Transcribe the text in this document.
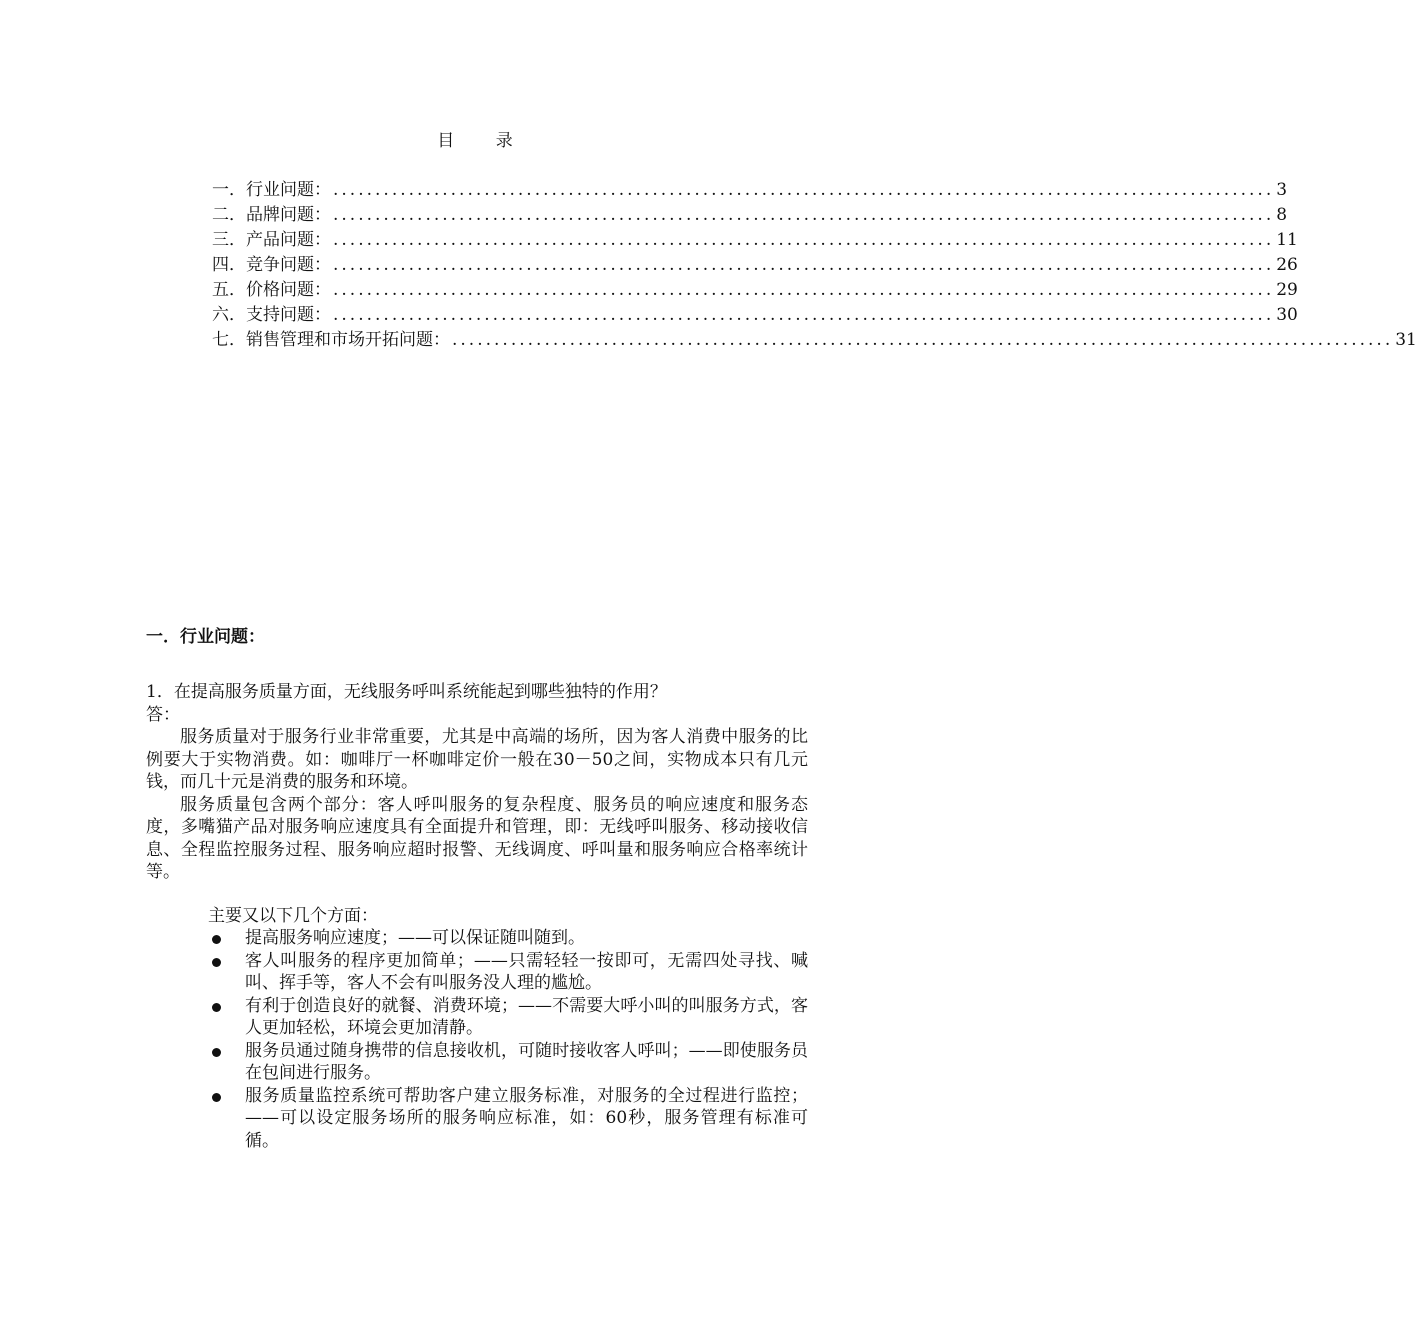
目 录
一．行业问题： ................................................................................................................ 3
二．品牌问题： ................................................................................................................ 8
三．产品问题： ................................................................................................................ 11
四．竞争问题： ................................................................................................................ 26
五．价格问题： ................................................................................................................ 29
六．支持问题： ................................................................................................................ 30
七．销售管理和市场开拓问题： ................................................................................................................ 31
一．行业问题：

1．在提高服务质量方面，无线服务呼叫系统能起到哪些独特的作用？

答：

服务质量对于服务行业非常重要，尤其是中高端的场所，因为客人消费中服务的比例要大于实物消费。如：咖啡厅一杯咖啡定价一般在30－50之间，实物成本只有几元钱，而几十元是消费的服务和环境。

服务质量包含两个部分：客人呼叫服务的复杂程度、服务员的响应速度和服务态度，多嘴猫产品对服务响应速度具有全面提升和管理，即：无线呼叫服务、移动接收信息、全程监控服务过程、服务响应超时报警、无线调度、呼叫量和服务响应合格率统计等。

主要又以下几个方面：

提高服务响应速度；——可以保证随叫随到。
客人叫服务的程序更加简单；——只需轻轻一按即可，无需四处寻找、喊叫、挥手等，客人不会有叫服务没人理的尴尬。
有利于创造良好的就餐、消费环境；——不需要大呼小叫的叫服务方式，客人更加轻松，环境会更加清静。
服务员通过随身携带的信息接收机，可随时接收客人呼叫；——即使服务员在包间进行服务。
服务质量监控系统可帮助客户建立服务标准，对服务的全过程进行监控；——可以设定服务场所的服务响应标准，如：60秒，服务管理有标准可循。
